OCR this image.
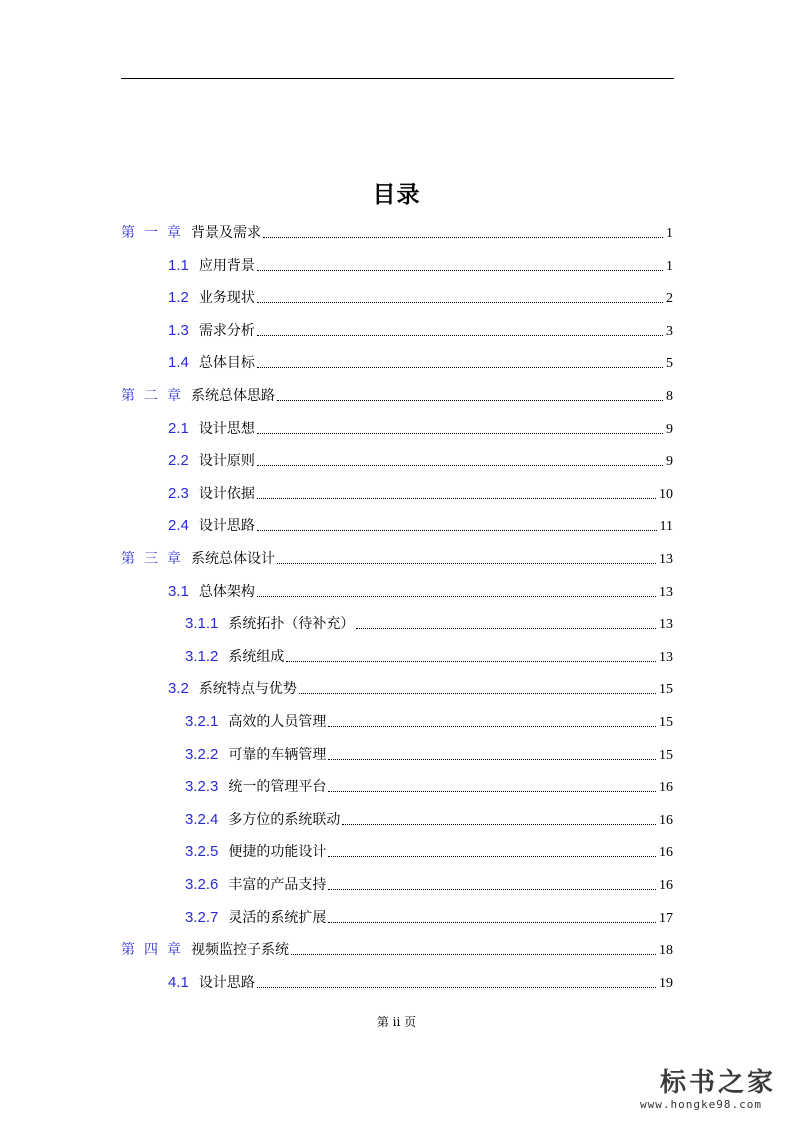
目录
第 一 章 背景及需求	1
1.1 应用背景	1
1.2 业务现状	2
1.3 需求分析	3
1.4 总体目标	5
第 二 章 系统总体思路	8
2.1 设计思想	9
2.2 设计原则	9
2.3 设计依据	10
2.4 设计思路	11
第 三 章 系统总体设计	13
3.1 总体架构	13
3.1.1 系统拓扑（待补充）	13
3.1.2 系统组成	13
3.2 系统特点与优势	15
3.2.1 高效的人员管理	15
3.2.2 可靠的车辆管理	15
3.2.3 统一的管理平台	16
3.2.4 多方位的系统联动	16
3.2.5 便捷的功能设计	16
3.2.6 丰富的产品支持	16
3.2.7 灵活的系统扩展	17
第 四 章 视频监控子系统	18
4.1 设计思路	19
第 ii 页
标书之家
www.hongke98.com
